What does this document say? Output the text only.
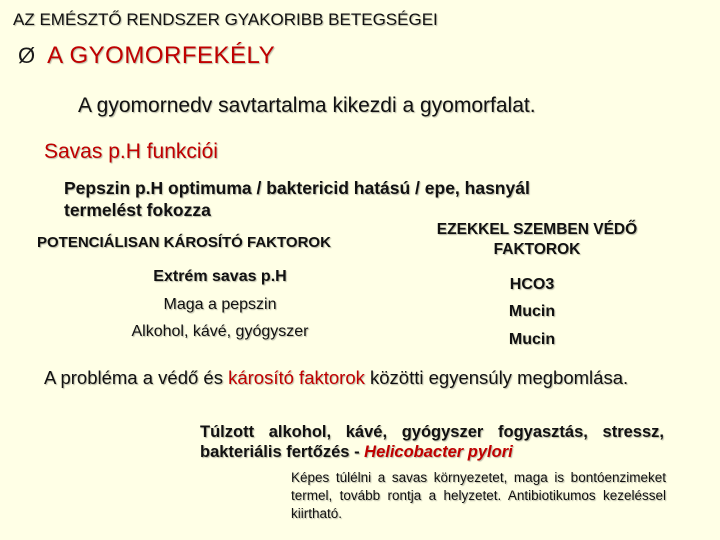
AZ EMÉSZTŐ RENDSZER GYAKORIBB BETEGSÉGEI
Ø A GYOMORFEKÉLY
A gyomornedv savtartalma kikezdi a gyomorfalat.
Savas p.H funkciói
Pepszin p.H optimuma / baktericid hatású / epe, hasnyál termelést fokozza
POTENCIÁLISAN KÁROSÍTÓ FAKTOROK
EZEKKEL SZEMBEN VÉDŐ FAKTOROK
Extrém savas p.H	HCO3
Maga a pepszin	Mucin
Alkohol, kávé, gyógyszer	Mucin
A probléma a védő és károsító faktorok közötti egyensúly megbomlása.
Túlzott alkohol, kávé, gyógyszer fogyasztás, stressz, bakteriális fertőzés - Helicobacter pylori
Képes túlélni a savas környezetet, maga is bontóenzimeket termel, tovább rontja a helyzetet. Antibiotikumos kezeléssel kiirtható.
